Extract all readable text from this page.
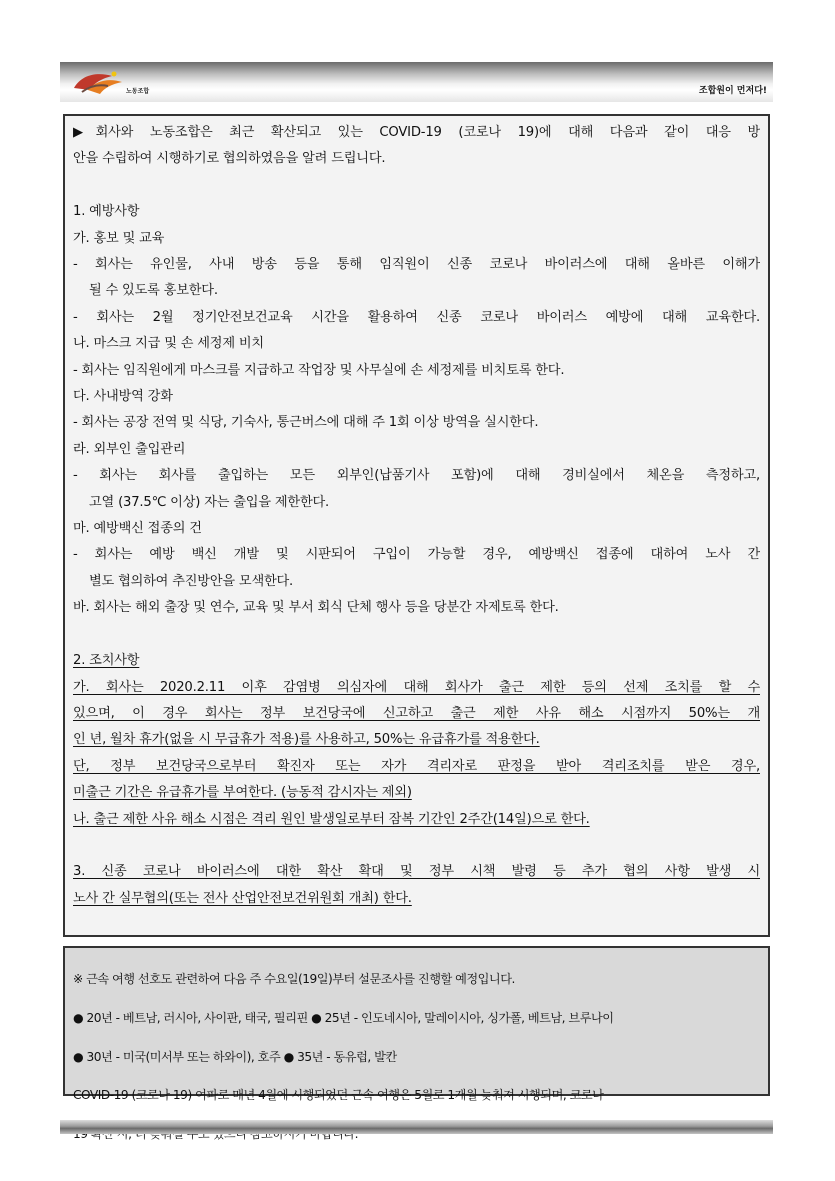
노동조합	조합원이 먼저다!

▶회사와 노동조합은 최근 확산되고 있는 COVID-19 (코로나 19)에 대해 다음과 같이 대응 방

안을 수립하여 시행하기로 협의하였음을 알려 드립니다.

1. 예방사항

가. 홍보 및 교육

- 회사는 유인물, 사내 방송 등을 통해 임직원이 신종 코로나 바이러스에 대해 올바른 이해가

될 수 있도록 홍보한다.

- 회사는 2월 정기안전보건교육 시간을 활용하여 신종 코로나 바이러스 예방에 대해 교육한다.

나. 마스크 지급 및 손 세정제 비치

- 회사는 임직원에게 마스크를 지급하고 작업장 및 사무실에 손 세정제를 비치토록 한다.

다. 사내방역 강화

- 회사는 공장 전역 및 식당, 기숙사, 통근버스에 대해 주 1회 이상 방역을 실시한다.

라. 외부인 출입관리

- 회사는 회사를 출입하는 모든 외부인(납품기사 포함)에 대해 경비실에서 체온을 측정하고,

고열 (37.5℃ 이상) 자는 출입을 제한한다.

마. 예방백신 접종의 건

- 회사는 예방 백신 개발 및 시판되어 구입이 가능할 경우, 예방백신 접종에 대하여 노사 간

별도 협의하여 추진방안을 모색한다.

바. 회사는 해외 출장 및 연수, 교육 및 부서 회식 단체 행사 등을 당분간 자제토록 한다.

2. 조치사항

가. 회사는 2020.2.11 이후 감염병 의심자에 대해 회사가 출근 제한 등의 선제 조치를 할 수

있으며, 이 경우 회사는 정부 보건당국에 신고하고 출근 제한 사유 해소 시점까지 50%는 개

인 년, 월차 휴가(없을 시 무급휴가 적용)를 사용하고, 50%는 유급휴가를 적용한다.

단, 정부 보건당국으로부터 확진자 또는 자가 격리자로 판정을 받아 격리조치를 받은 경우,

미출근 기간은 유급휴가를 부여한다. (능동적 감시자는 제외)

나. 출근 제한 사유 해소 시점은 격리 원인 발생일로부터 잠복 기간인 2주간(14일)으로 한다.

3. 신종 코로나 바이러스에 대한 확산 확대 및 정부 시책 발령 등 추가 협의 사항 발생 시

노사 간 실무협의(또는 전사 산업안전보건위원회 개최) 한다.

※ 근속 여행 선호도 관련하여 다음 주 수요일(19일)부터 설문조사를 진행할 예정입니다.

● 20년 - 베트남, 러시아, 사이판, 태국, 필리핀 ● 25년 - 인도네시아, 말레이시아, 싱가폴, 베트남, 브루나이

● 30년 - 미국(미서부 또는 하와이), 호주 ● 35년 - 동유럽, 발칸

COVID-19 (코로나 19) 여파로 매년 4월에 시행되었던 근속 여행은 5월로 1개월 늦춰져 시행되며, 코로나
